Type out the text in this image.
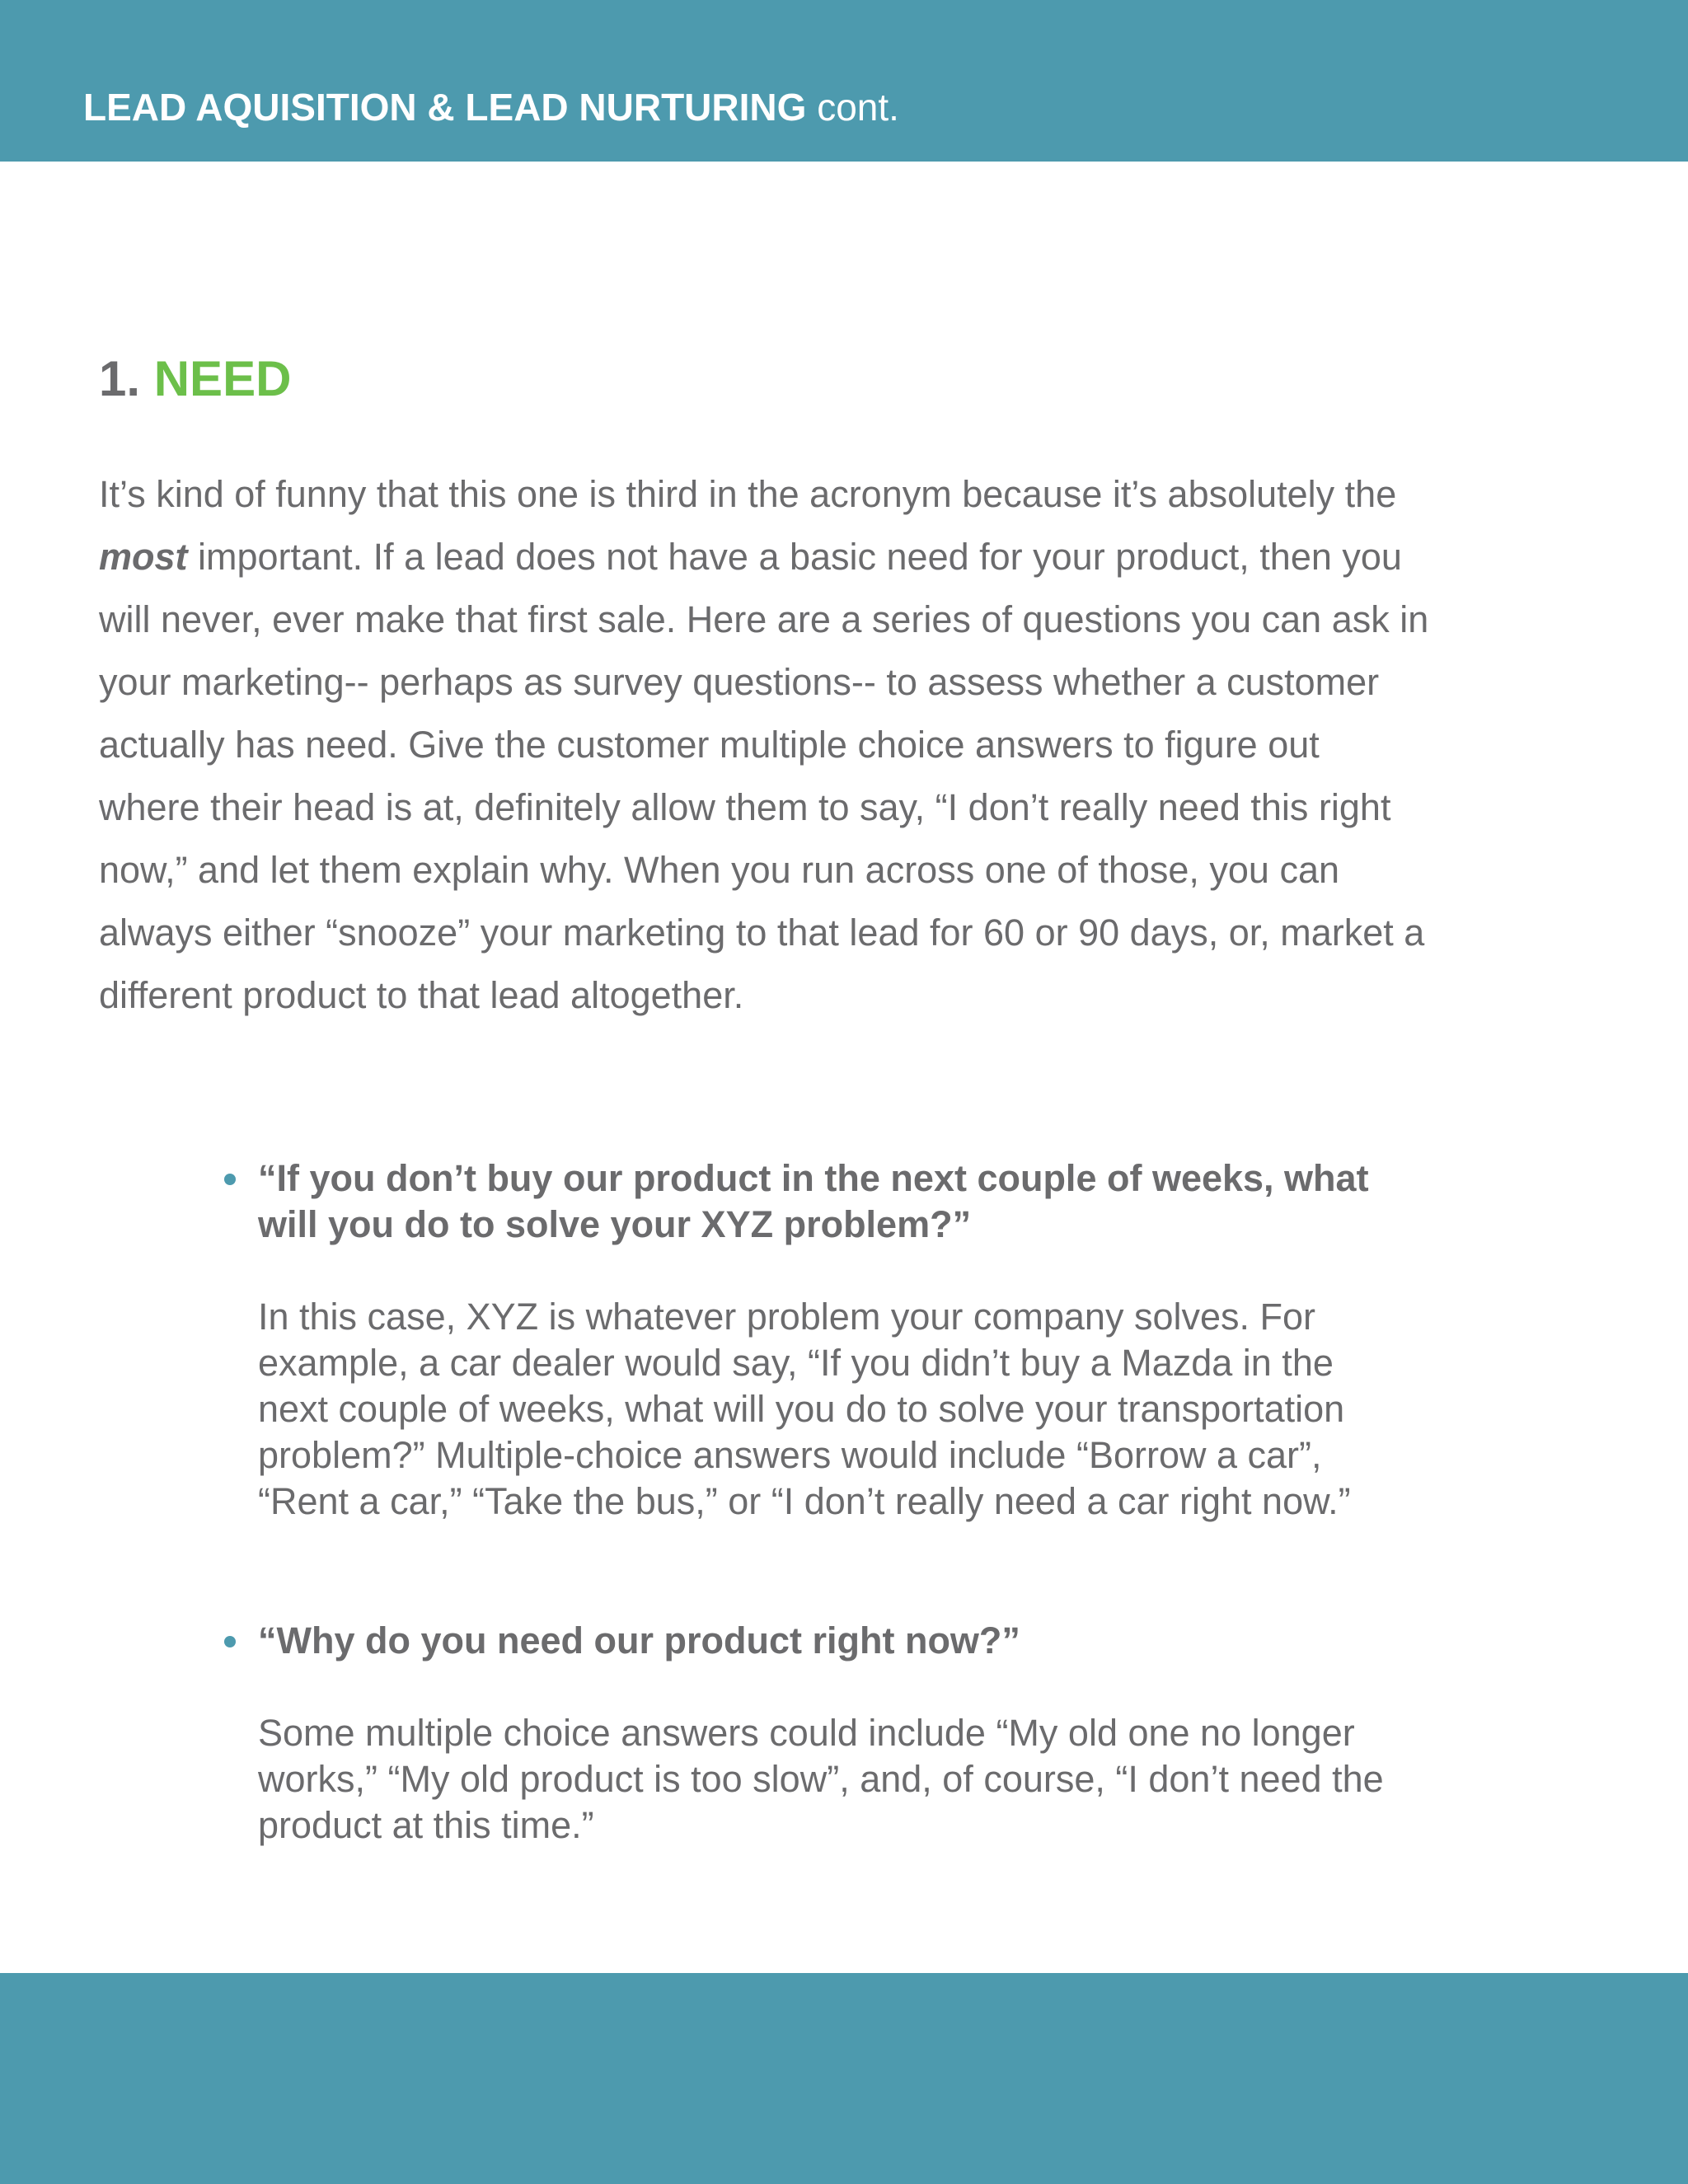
LEAD AQUISITION & LEAD NURTURING cont.
1. NEED
It’s kind of funny that this one is third in the acronym because it’s absolutely the
most important. If a lead does not have a basic need for your product, then you
will never, ever make that first sale. Here are a series of questions you can ask in
your marketing-- perhaps as survey questions-- to assess whether a customer
actually has need. Give the customer multiple choice answers to figure out
where their head is at, definitely allow them to say, “I don’t really need this right
now,” and let them explain why. When you run across one of those, you can
always either “snooze” your marketing to that lead for 60 or 90 days, or, market a
different product to that lead altogether.
“If you don’t buy our product in the next couple of weeks, what
will you do to solve your XYZ problem?”
In this case, XYZ is whatever problem your company solves. For
example, a car dealer would say, “If you didn’t buy a Mazda in the
next couple of weeks, what will you do to solve your transportation
problem?” Multiple-choice answers would include “Borrow a car”,
“Rent a car,” “Take the bus,” or “I don’t really need a car right now.”
“Why do you need our product right now?”
Some multiple choice answers could include “My old one no longer
works,” “My old product is too slow”, and, of course, “I don’t need the
product at this time.”
